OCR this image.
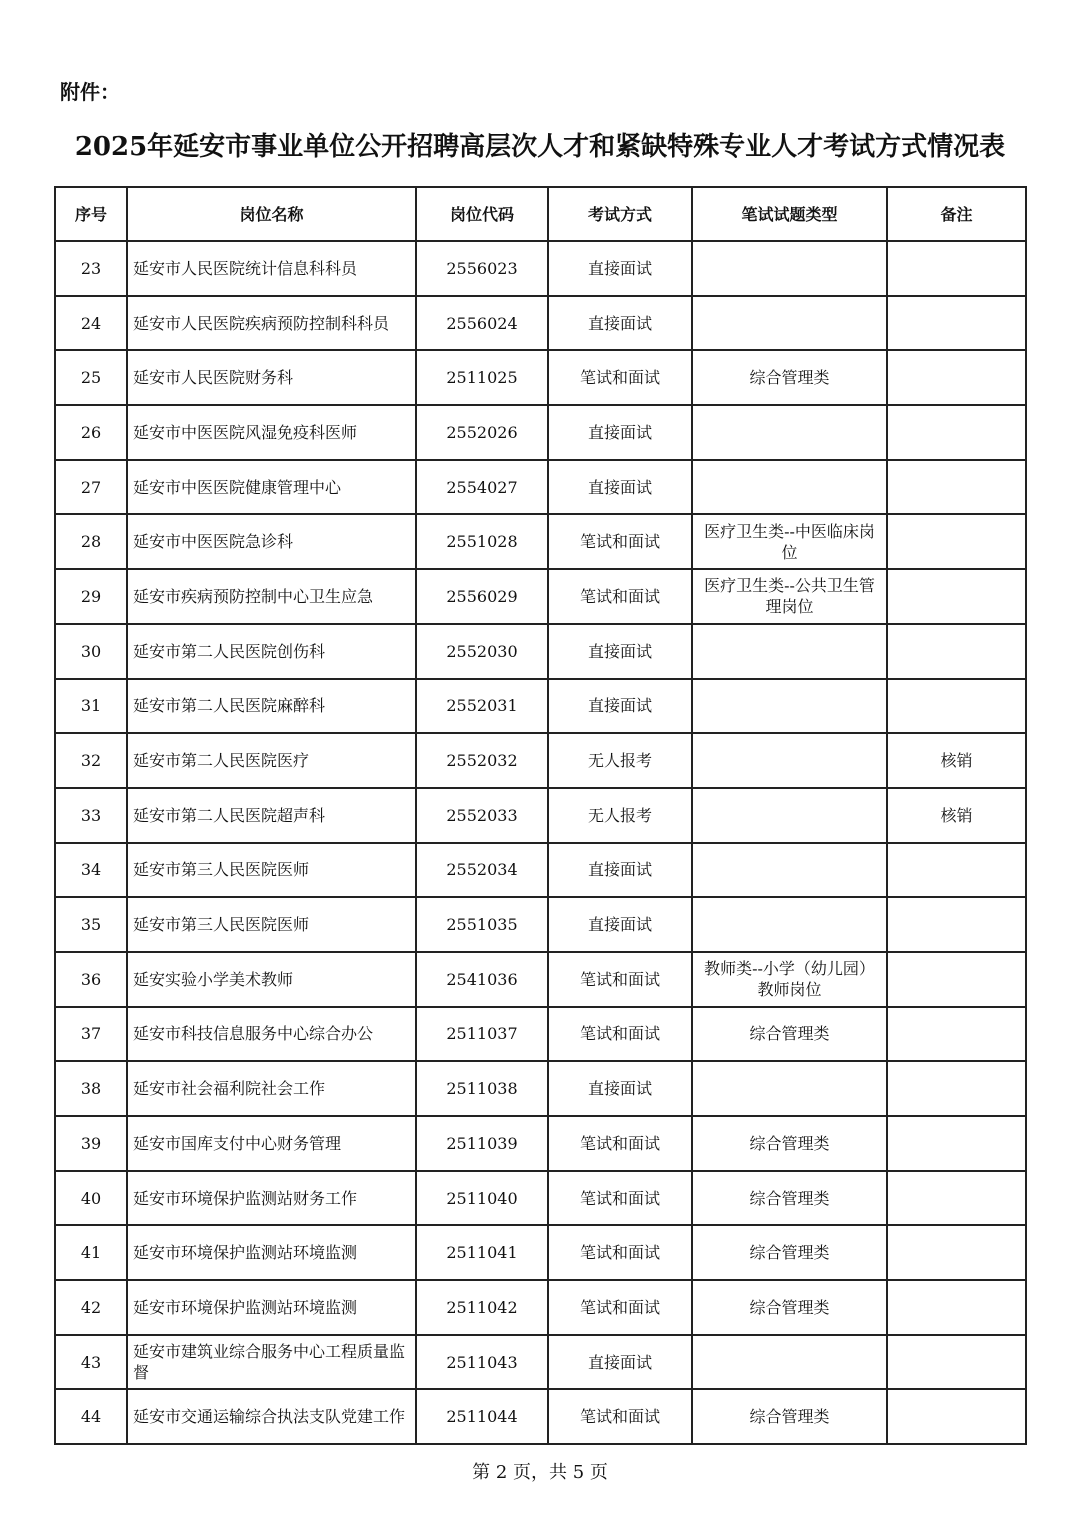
附件：
2025年延安市事业单位公开招聘高层次人才和紧缺特殊专业人才考试方式情况表
序号	岗位名称	岗位代码	考试方式	笔试试题类型	备注
23	延安市人民医院统计信息科科员	2556023	直接面试		
24	延安市人民医院疾病预防控制科科员	2556024	直接面试		
25	延安市人民医院财务科	2511025	笔试和面试	综合管理类	
26	延安市中医医院风湿免疫科医师	2552026	直接面试		
27	延安市中医医院健康管理中心	2554027	直接面试		
28	延安市中医医院急诊科	2551028	笔试和面试	医疗卫生类--中医临床岗位	
29	延安市疾病预防控制中心卫生应急	2556029	笔试和面试	医疗卫生类--公共卫生管理岗位	
30	延安市第二人民医院创伤科	2552030	直接面试		
31	延安市第二人民医院麻醉科	2552031	直接面试		
32	延安市第二人民医院医疗	2552032	无人报考		核销
33	延安市第二人民医院超声科	2552033	无人报考		核销
34	延安市第三人民医院医师	2552034	直接面试		
35	延安市第三人民医院医师	2551035	直接面试		
36	延安实验小学美术教师	2541036	笔试和面试	教师类--小学（幼儿园）教师岗位	
37	延安市科技信息服务中心综合办公	2511037	笔试和面试	综合管理类	
38	延安市社会福利院社会工作	2511038	直接面试		
39	延安市国库支付中心财务管理	2511039	笔试和面试	综合管理类	
40	延安市环境保护监测站财务工作	2511040	笔试和面试	综合管理类	
41	延安市环境保护监测站环境监测	2511041	笔试和面试	综合管理类	
42	延安市环境保护监测站环境监测	2511042	笔试和面试	综合管理类	
43	延安市建筑业综合服务中心工程质量监督	2511043	直接面试		
44	延安市交通运输综合执法支队党建工作	2511044	笔试和面试	综合管理类	
第 2 页，共 5 页
